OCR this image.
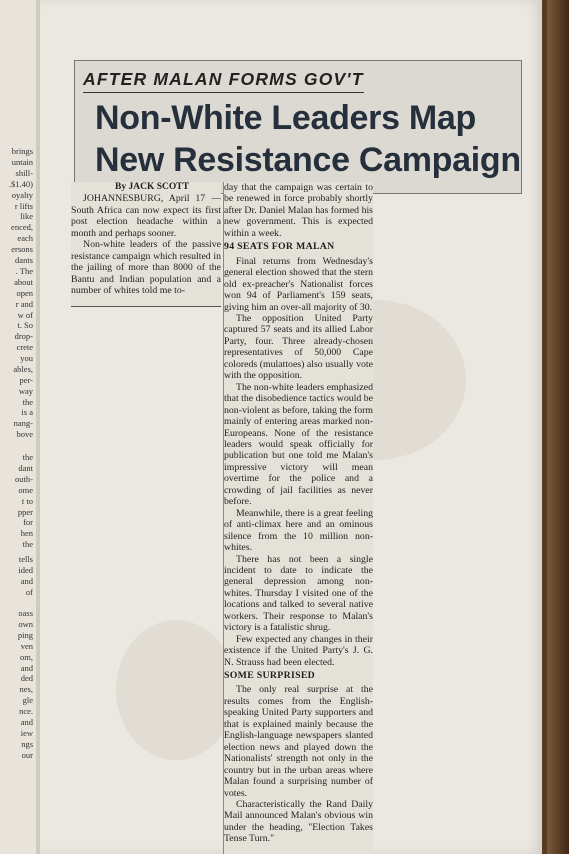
brings
untain
shill-
.$1.40)
oyalty
r lifts
like
enced,
each
ersons
dants
. The
about
open
r and
w of
t. So
drop-
crete
you
ables,
per-
way
the
is a
nang-
bove
the
dant
outh-
ome
t to
pper
for
hen
the
tells
ided
and
of
oass
own
ping
ven
om,
and
ded
nes,
gle
nce.
and
iew
ngs
our
AFTER MALAN FORMS GOV'T
Non-White Leaders Map
New Resistance Campaign

By JACK SCOTT

JOHANNESBURG, April 17 —South Africa can now expect its first post election headache within a month and perhaps sooner.

Non-white leaders of the passive resistance campaign which resulted in the jailing of more than 8000 of the Bantu and Indian population and a number of whites told me to-

day that the campaign was certain to be renewed in force probably shortly after Dr. Daniel Malan has formed his new government. This is expected within a week.

94 SEATS FOR MALAN

Final returns from Wednesday's general election showed that the stern old ex-preacher's Nationalist forces won 94 of Parliament's 159 seats, giving him an over-all majority of 30.

The opposition United Party captured 57 seats and its allied Labor Party, four. Three already-chosen representatives of 50,000 Cape coloreds (mulattoes) also usually vote with the opposition.

The non-white leaders emphasized that the disobedience tactics would be non-violent as before, taking the form mainly of entering areas marked non-Europeans. None of the resistance leaders would speak officially for publication but one told me Malan's impressive victory will mean overtime for the police and a crowding of jail facilities as never before.

Meanwhile, there is a great feeling of anti-climax here and an ominous silence from the 10 million non-whites.

There has not been a single incident to date to indicate the general depression among non-whites. Thursday I visited one of the locations and talked to several native workers. Their response to Malan's victory is a fatalistic shrug.

Few expected any changes in their existence if the United Party's J. G. N. Strauss had been elected.

SOME SURPRISED

The only real surprise at the results comes from the English-speaking United Party supporters and that is explained mainly because the English-language newspapers slanted election news and played down the Nationalists' strength not only in the country but in the urban areas where Malan found a surprising number of votes.

Characteristically the Rand Daily Mail announced Malan's obvious win under the heading, "Election Takes Tense Turn."
